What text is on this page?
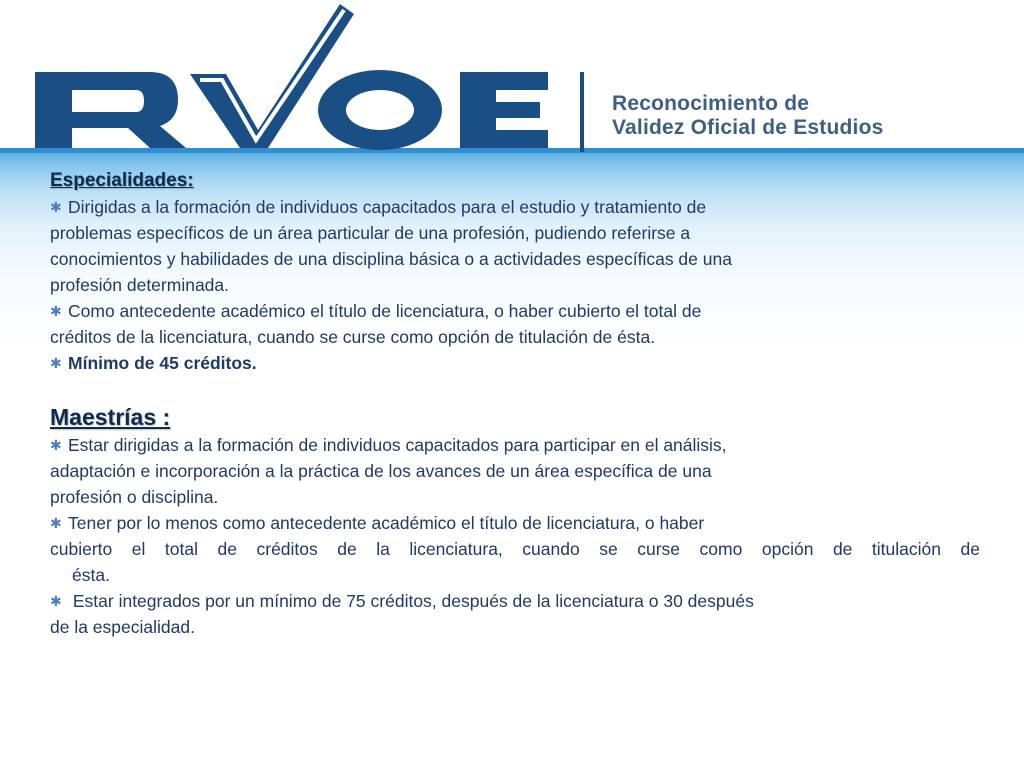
Reconocimiento de
Validez Oficial de Estudios
Especialidades:
✱ Dirigidas a la formación de individuos capacitados para el estudio y tratamiento de
problemas específicos de un área particular de una profesión, pudiendo referirse a
conocimientos y habilidades de una disciplina básica o a actividades específicas de una
profesión determinada.
✱ Como antecedente académico el título de licenciatura, o haber cubierto el total de
créditos de la licenciatura, cuando se curse como opción de titulación de ésta.
✱ Mínimo de 45 créditos.
Maestrías :
✱ Estar dirigidas a la formación de individuos capacitados para participar en el análisis,
adaptación e incorporación a la práctica de los avances de un área específica de una
profesión o disciplina.
✱ Tener por lo menos como antecedente académico el título de licenciatura, o haber
cubierto el total de créditos de la licenciatura, cuando se curse como opción de titulación de
ésta.
✱ Estar integrados por un mínimo de 75 créditos, después de la licenciatura o 30 después
de la especialidad.
